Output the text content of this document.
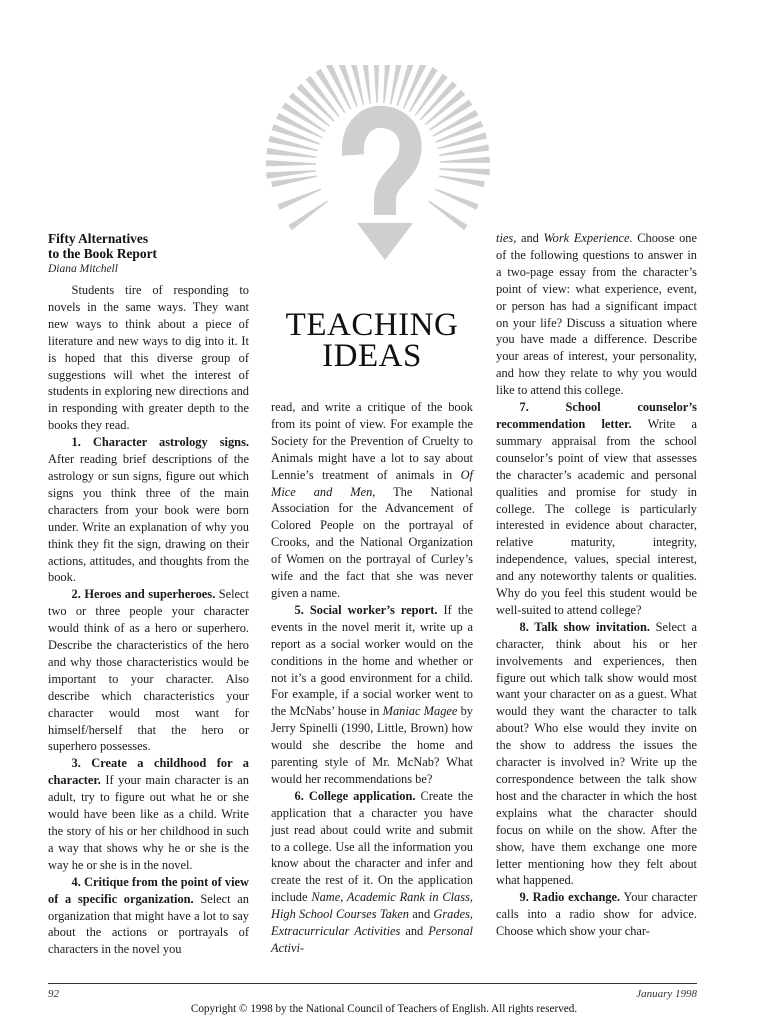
TEACHING
IDEAS
Fifty Alternatives
to the Book Report
Diana Mitchell

Students tire of responding to novels in the same ways. They want new ways to think about a piece of literature and new ways to dig into it. It is hoped that this diverse group of suggestions will whet the interest of students in exploring new directions and in responding with greater depth to the books they read.

1. Character astrology signs. After reading brief descriptions of the astrology or sun signs, figure out which signs you think three of the main characters from your book were born under. Write an explanation of why you think they fit the sign, drawing on their actions, attitudes, and thoughts from the book.

2. Heroes and superheroes. Select two or three people your character would think of as a hero or superhero. Describe the characteristics of the hero and why those characteristics would be important to your character. Also describe which characteristics your character would most want for himself/herself that the hero or superhero possesses.

3. Create a childhood for a character. If your main character is an adult, try to figure out what he or she would have been like as a child. Write the story of his or her childhood in such a way that shows why he or she is the way he or she is in the novel.

4. Critique from the point of view of a specific organization. Select an organization that might have a lot to say about the actions or portrayals of characters in the novel you

read, and write a critique of the book from its point of view. For example the Society for the Prevention of Cruelty to Animals might have a lot to say about Lennie’s treatment of animals in Of Mice and Men, The National Association for the Advancement of Colored People on the portrayal of Crooks, and the National Organization of Women on the portrayal of Curley’s wife and the fact that she was never given a name.

5. Social worker’s report. If the events in the novel merit it, write up a report as a social worker would on the conditions in the home and whether or not it’s a good environment for a child. For example, if a social worker went to the McNabs’ house in Maniac Magee by Jerry Spinelli (1990, Little, Brown) how would she describe the home and parenting style of Mr. McNab? What would her recommendations be?

6. College application. Create the application that a character you have just read about could write and submit to a college. Use all the information you know about the character and infer and create the rest of it. On the application include Name, Academic Rank in Class, High School Courses Taken and Grades, Extracurricular Activities and Personal Activi-

ties, and Work Experience. Choose one of the following questions to answer in a two-page essay from the character’s point of view: what experience, event, or person has had a significant impact on your life? Discuss a situation where you have made a difference. Describe your areas of interest, your personality, and how they relate to why you would like to attend this college.

7. School counselor’s recommendation letter. Write a summary appraisal from the school counselor’s point of view that assesses the character’s academic and personal qualities and promise for study in college. The college is particularly interested in evidence about character, relative maturity, integrity, independence, values, special interest, and any noteworthy talents or qualities. Why do you feel this student would be well-suited to attend college?

8. Talk show invitation. Select a character, think about his or her involvements and experiences, then figure out which talk show would most want your character on as a guest. What would they want the character to talk about? Who else would they invite on the show to address the issues the character is involved in? Write up the correspondence between the talk show host and the character in which the host explains what the character should focus on while on the show. After the show, have them exchange one more letter mentioning how they felt about what happened.

9. Radio exchange. Your character calls into a radio show for advice. Choose which show your char-

92	January 1998
Copyright © 1998 by the National Council of Teachers of English. All rights reserved.
